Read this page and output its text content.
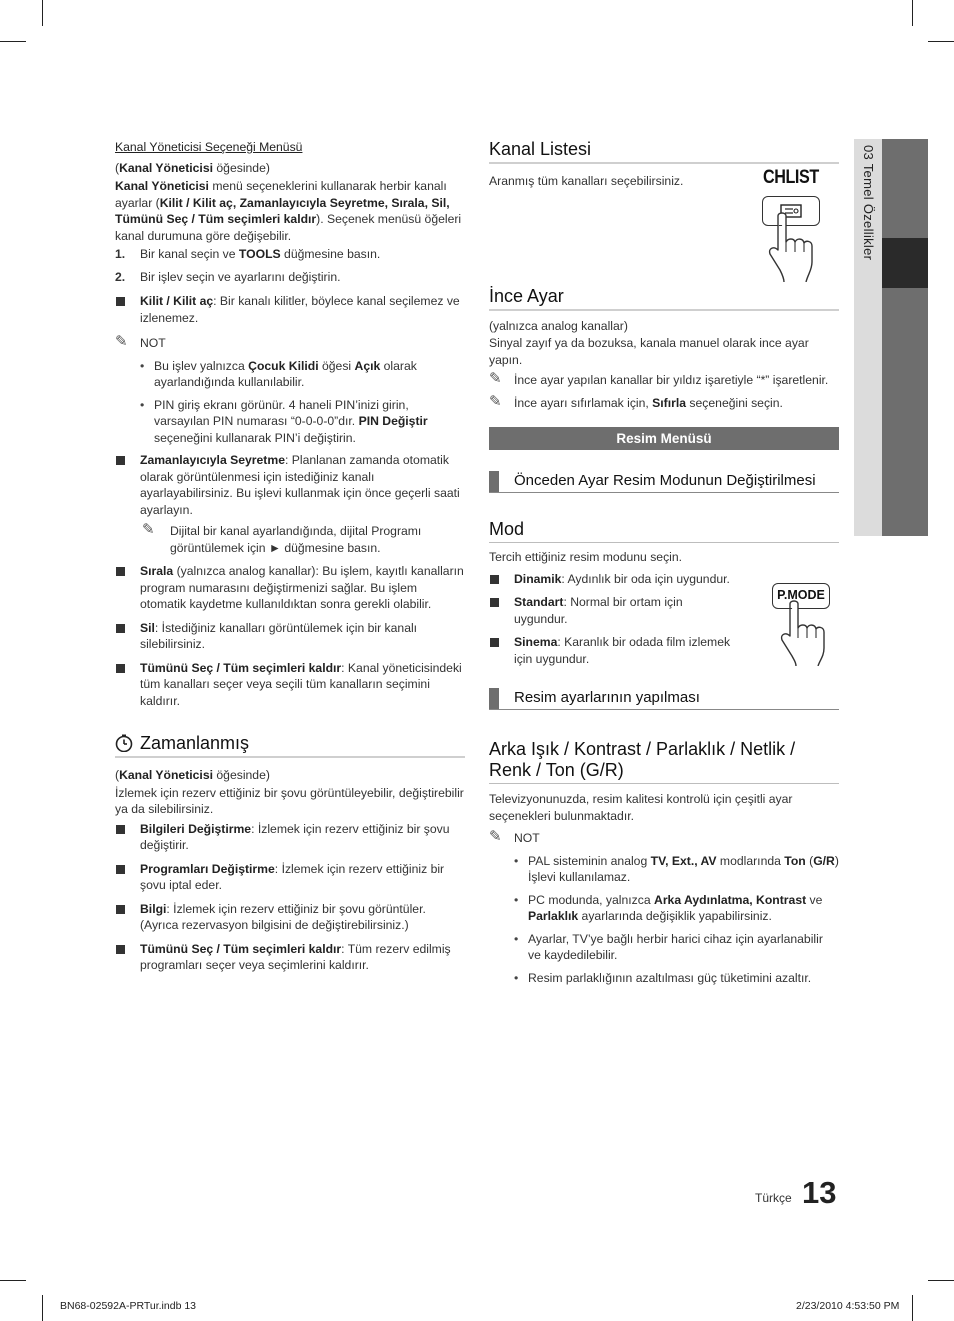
03 Temel Özellikler

Kanal Yöneticisi Seçeneği Menüsü

(Kanal Yöneticisi öğesinde)

Kanal Yöneticisi menü seçeneklerini kullanarak herbir kanalı ayarlar (Kilit / Kilit aç, Zamanlayıcıyla Seyretme, Sırala, Sil, Tümünü Seç / Tüm seçimleri kaldır). Seçenek menüsü öğeleri kanal durumuna göre değişebilir.

1. Bir kanal seçin ve TOOLS düğmesine basın.
2. Bir işlev seçin ve ayarlarını değiştirin.
Kilit / Kilit aç: Bir kanalı kilitler, böylece kanal seçilemez ve izlenemez.
✎ NOT
• Bu işlev yalnızca Çocuk Kilidi öğesi Açık olarak ayarlandığında kullanılabilir.
• PIN giriş ekranı görünür. 4 haneli PIN’inizi girin, varsayılan PIN numarası “0-0-0-0”dır. PIN Değiştir seçeneğini kullanarak PIN’i değiştirin.
Zamanlayıcıyla Seyretme: Planlanan zamanda otomatik olarak görüntülenmesi için istediğiniz kanalı ayarlayabilirsiniz. Bu işlevi kullanmak için önce geçerli saati ayarlayın.
✎ Dijital bir kanal ayarlandığında, dijital Programı görüntülemek için ► düğmesine basın.
Sırala (yalnızca analog kanallar): Bu işlem, kayıtlı kanalların program numarasını değiştirmenizi sağlar. Bu işlem otomatik kaydetme kullanıldıktan sonra gerekli olabilir.
Sil: İstediğiniz kanalları görüntülemek için bir kanalı silebilirsiniz.
Tümünü Seç / Tüm seçimleri kaldır: Kanal yöneticisindeki tüm kanalları seçer veya seçili tüm kanalların seçimini kaldırır.
Zamanlanmış

(Kanal Yöneticisi öğesinde)

İzlemek için rezerv ettiğiniz bir şovu görüntüleyebilir, değiştirebilir ya da silebilirsiniz.

Bilgileri Değiştirme: İzlemek için rezerv ettiğiniz bir şovu değiştirir.
Programları Değiştirme: İzlemek için rezerv ettiğiniz bir şovu iptal eder.
Bilgi: İzlemek için rezerv ettiğiniz bir şovu görüntüler. (Ayrıca rezervasyon bilgisini de değiştirebilirsiniz.)
Tümünü Seç / Tüm seçimleri kaldır: Tüm rezerv edilmiş programları seçer veya seçimlerini kaldırır.
Kanal Listesi

Aranmış tüm kanalları seçebilirsiniz.

İnce Ayar

(yalnızca analog kanallar)

Sinyal zayıf ya da bozuksa, kanala manuel olarak ince ayar yapın.

✎ İnce ayar yapılan kanallar bir yıldız işaretiyle “*” işaretlenir.
✎ İnce ayarı sıfırlamak için, Sıfırla seçeneğini seçin.
Resim Menüsü
Önceden Ayar Resim Modunun Değiştirilmesi
Mod

Tercih ettiğiniz resim modunu seçin.

Dinamik: Aydınlık bir oda için uygundur.
Standart: Normal bir ortam için uygundur.
Sinema: Karanlık bir odada film izlemek için uygundur.
Resim ayarlarının yapılması
Arka Işık / Kontrast / Parlaklık / Netlik / Renk / Ton (G/R)

Televizyonunuzda, resim kalitesi kontrolü için çeşitli ayar seçenekleri bulunmaktadır.

✎ NOT
• PAL sisteminin analog TV, Ext., AV modlarında Ton (G/R) İşlevi kullanılamaz.
• PC modunda, yalnızca Arka Aydınlatma, Kontrast ve Parlaklık ayarlarında değişiklik yapabilirsiniz.
• Ayarlar, TV’ye bağlı herbir harici cihaz için ayarlanabilir ve kaydedilebilir.
• Resim parlaklığının azaltılması güç tüketimini azaltır.
CHLIST
P.MODE
Türkçe 13
BN68-02592A-PRTur.indb 13	2/23/2010 4:53:50 PM
